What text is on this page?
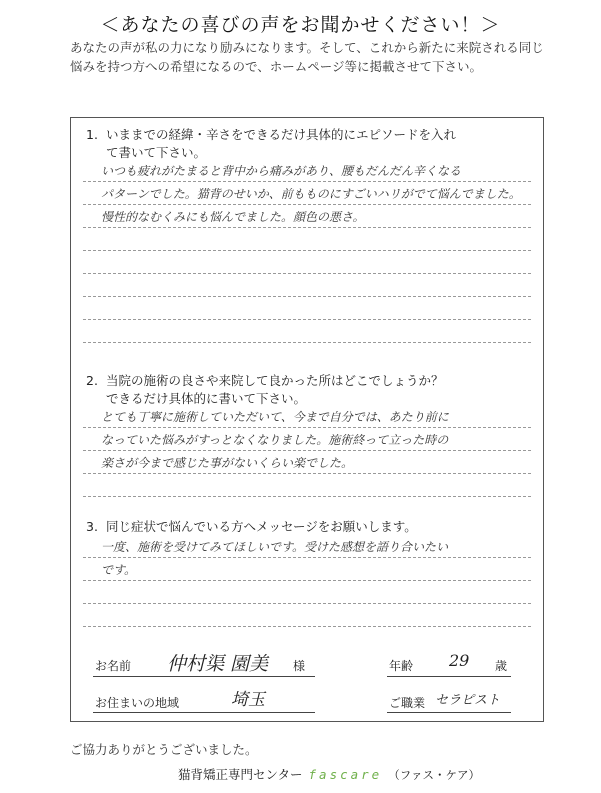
＜あなたの喜びの声をお聞かせください！＞

あなたの声が私の力になり励みになります。そして、これから新たに来院される同じ悩みを持つ方への希望になるので、ホームページ等に掲載させて下さい。

1. いままでの経緯・辛さをできるだけ具体的にエピソードを入れ
て書いて下さい。
いつも疲れがたまると背中から痛みがあり、腰もだんだん辛くなる
パターンでした。猫背のせいか、前もものにすごいハリがでて悩んでました。
慢性的なむくみにも悩んでました。顔色の悪さ。
2. 当院の施術の良さや来院して良かった所はどこでしょうか？
できるだけ具体的に書いて下さい。
とても丁寧に施術していただいて、今まで自分では、あたり前に
なっていた悩みがすっとなくなりました。施術終って立った時の
楽さが今まで感じた事がないくらい楽でした。
3. 同じ症状で悩んでいる方へメッセージをお願いします。
一度、施術を受けてみてほしいです。受けた感想を語り合いたい
です。
お名前 仲村渠 園美 様	年齢 29 歳
お住まいの地域	埼玉	ご職業 セラピスト
ご協力ありがとうございました。
猫背矯正専門センター fascare （ファス・ケア）
